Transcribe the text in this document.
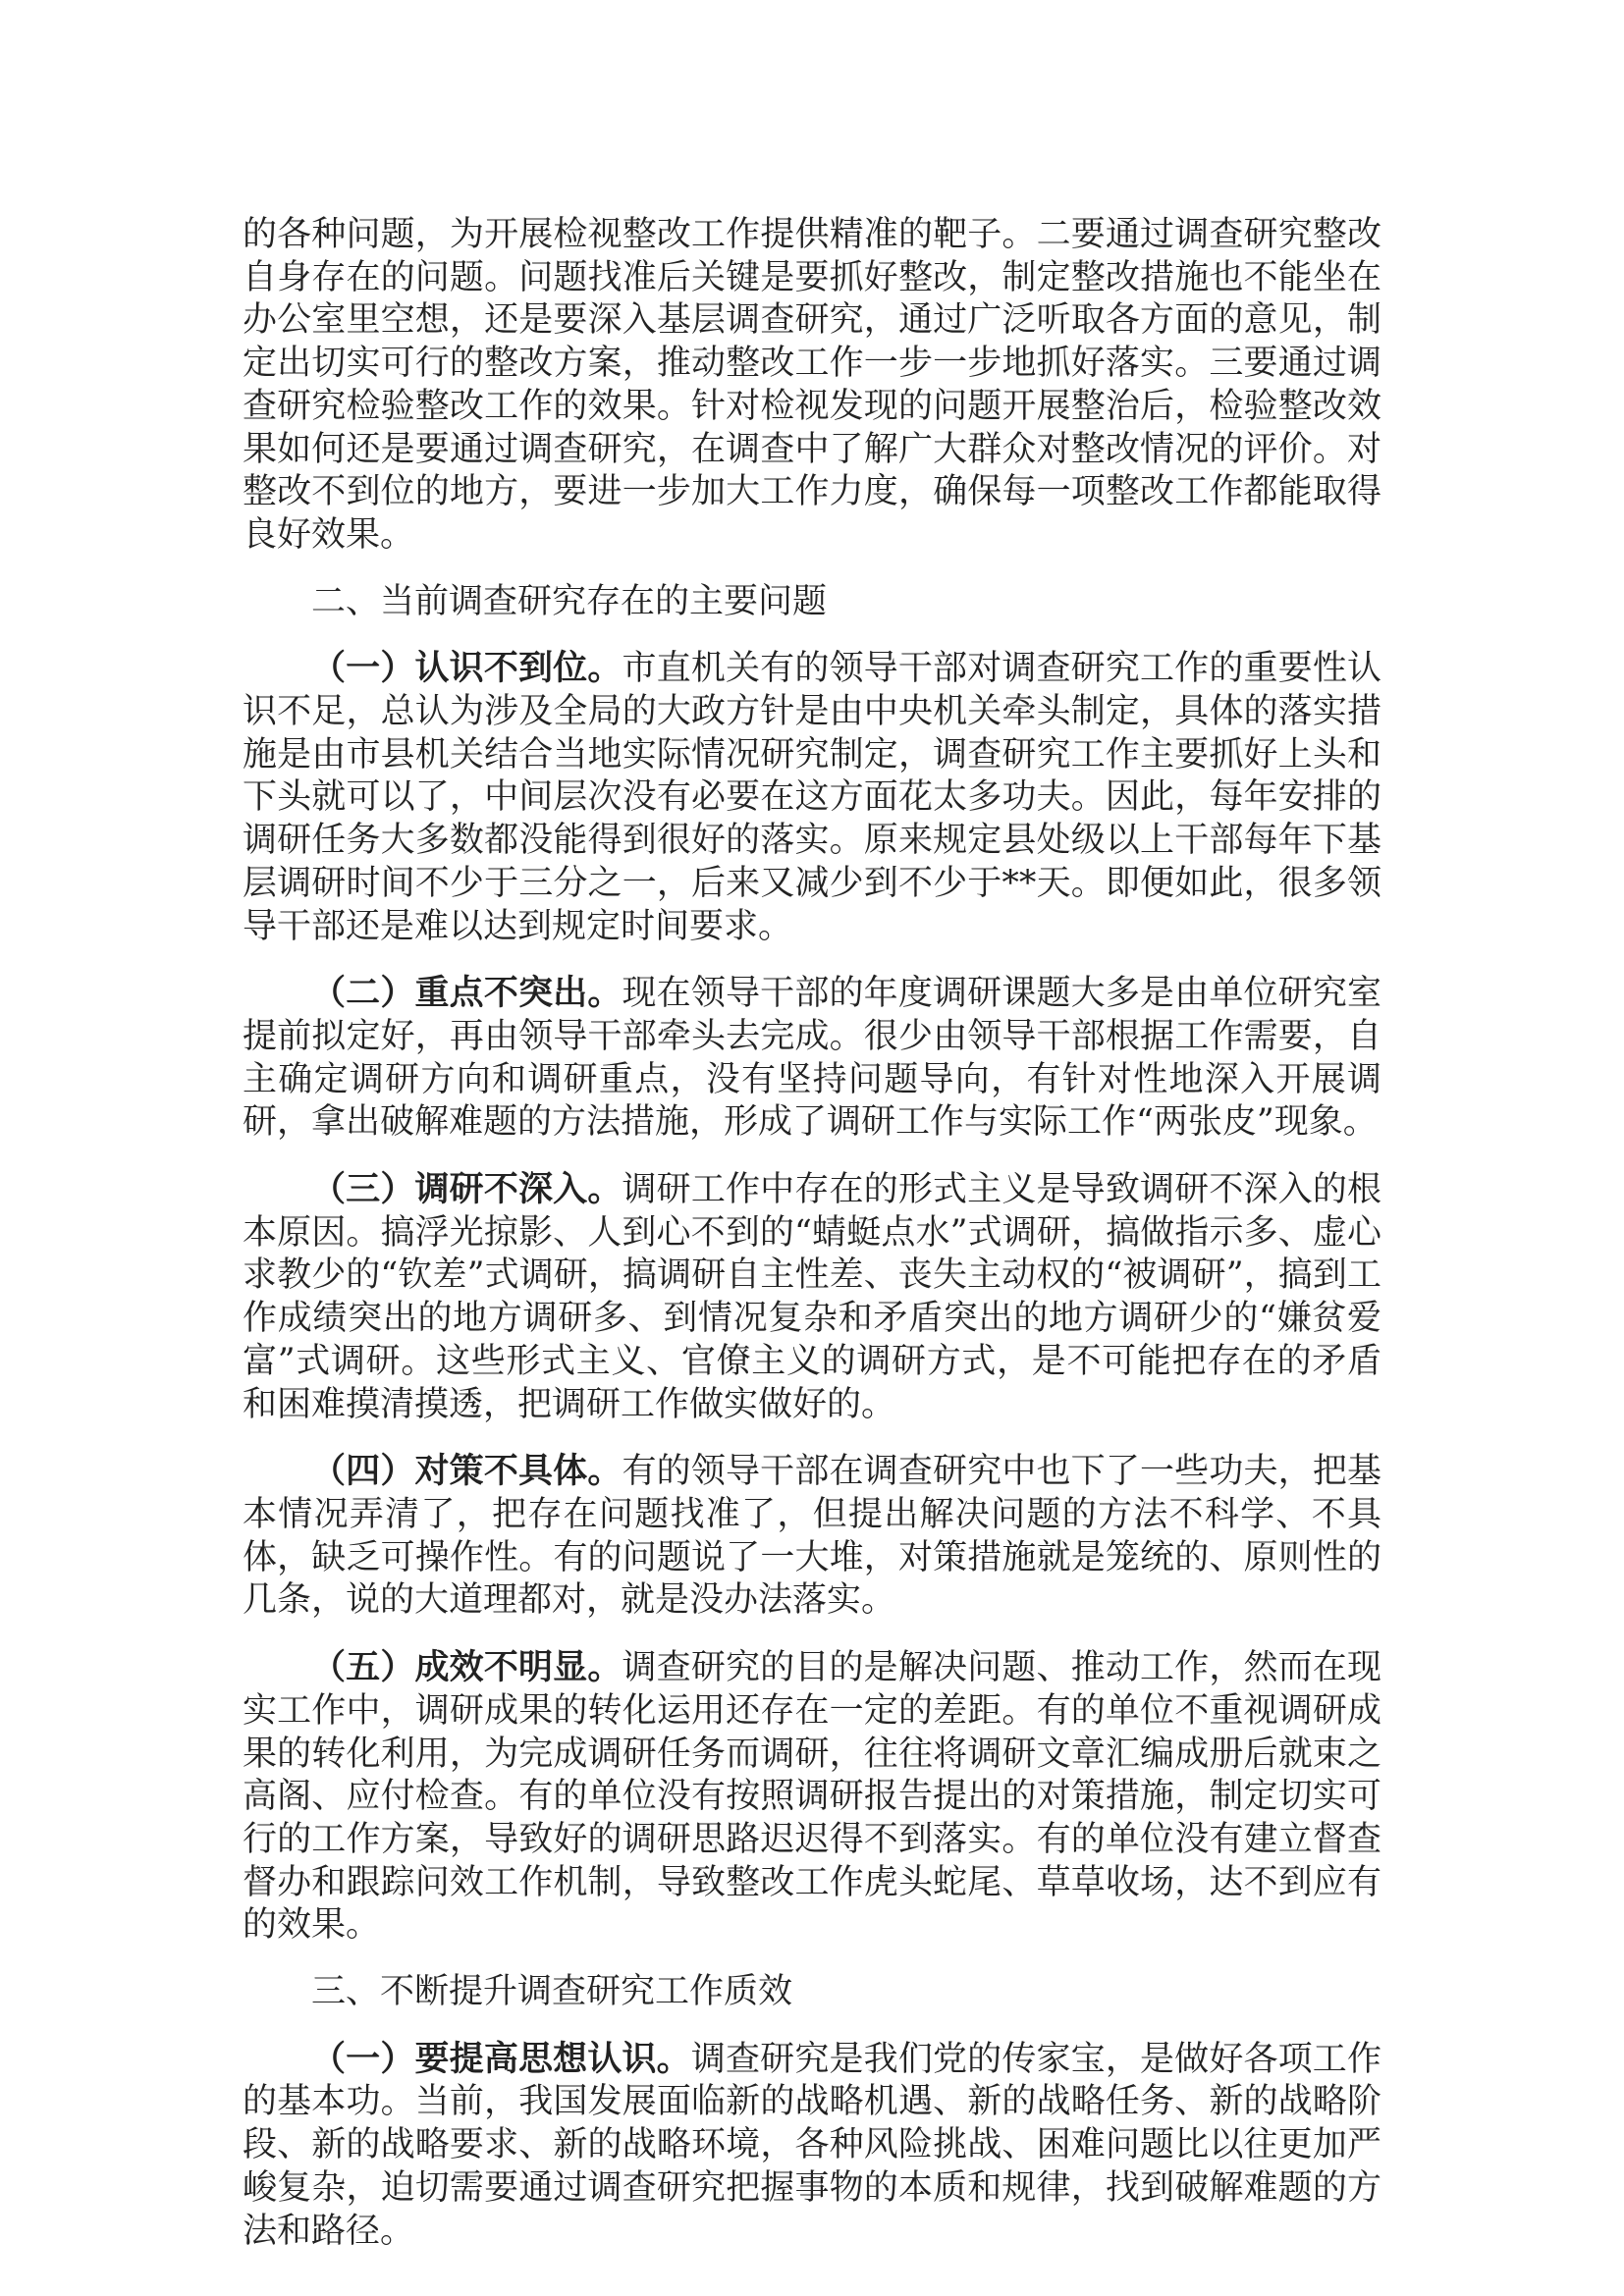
的各种问题，为开展检视整改工作提供精准的靶子。二要通过调查研究整改自身存在的问题。问题找准后关键是要抓好整改，制定整改措施也不能坐在办公室里空想，还是要深入基层调查研究，通过广泛听取各方面的意见，制定出切实可行的整改方案，推动整改工作一步一步地抓好落实。三要通过调查研究检验整改工作的效果。针对检视发现的问题开展整治后，检验整改效果如何还是要通过调查研究，在调查中了解广大群众对整改情况的评价。对整改不到位的地方，要进一步加大工作力度，确保每一项整改工作都能取得良好效果。

二、当前调查研究存在的主要问题

（一）认识不到位。市直机关有的领导干部对调查研究工作的重要性认识不足，总认为涉及全局的大政方针是由中央机关牵头制定，具体的落实措施是由市县机关结合当地实际情况研究制定，调查研究工作主要抓好上头和下头就可以了，中间层次没有必要在这方面花太多功夫。因此，每年安排的调研任务大多数都没能得到很好的落实。原来规定县处级以上干部每年下基层调研时间不少于三分之一，后来又减少到不少于**天。即便如此，很多领导干部还是难以达到规定时间要求。

（二）重点不突出。现在领导干部的年度调研课题大多是由单位研究室提前拟定好，再由领导干部牵头去完成。很少由领导干部根据工作需要，自主确定调研方向和调研重点，没有坚持问题导向，有针对性地深入开展调研，拿出破解难题的方法措施，形成了调研工作与实际工作“两张皮”现象。

（三）调研不深入。调研工作中存在的形式主义是导致调研不深入的根本原因。搞浮光掠影、人到心不到的“蜻蜓点水”式调研，搞做指示多、虚心求教少的“钦差”式调研，搞调研自主性差、丧失主动权的“被调研”，搞到工作成绩突出的地方调研多、到情况复杂和矛盾突出的地方调研少的“嫌贫爱富”式调研。这些形式主义、官僚主义的调研方式，是不可能把存在的矛盾和困难摸清摸透，把调研工作做实做好的。

（四）对策不具体。有的领导干部在调查研究中也下了一些功夫，把基本情况弄清了，把存在问题找准了，但提出解决问题的方法不科学、不具体，缺乏可操作性。有的问题说了一大堆，对策措施就是笼统的、原则性的几条，说的大道理都对，就是没办法落实。

（五）成效不明显。调查研究的目的是解决问题、推动工作，然而在现实工作中，调研成果的转化运用还存在一定的差距。有的单位不重视调研成果的转化利用，为完成调研任务而调研，往往将调研文章汇编成册后就束之高阁、应付检查。有的单位没有按照调研报告提出的对策措施，制定切实可行的工作方案，导致好的调研思路迟迟得不到落实。有的单位没有建立督查督办和跟踪问效工作机制，导致整改工作虎头蛇尾、草草收场，达不到应有的效果。

三、不断提升调查研究工作质效

（一）要提高思想认识。调查研究是我们党的传家宝，是做好各项工作的基本功。当前，我国发展面临新的战略机遇、新的战略任务、新的战略阶段、新的战略要求、新的战略环境，各种风险挑战、困难问题比以往更加严峻复杂，迫切需要通过调查研究把握事物的本质和规律，找到破解难题的方法和路径。
